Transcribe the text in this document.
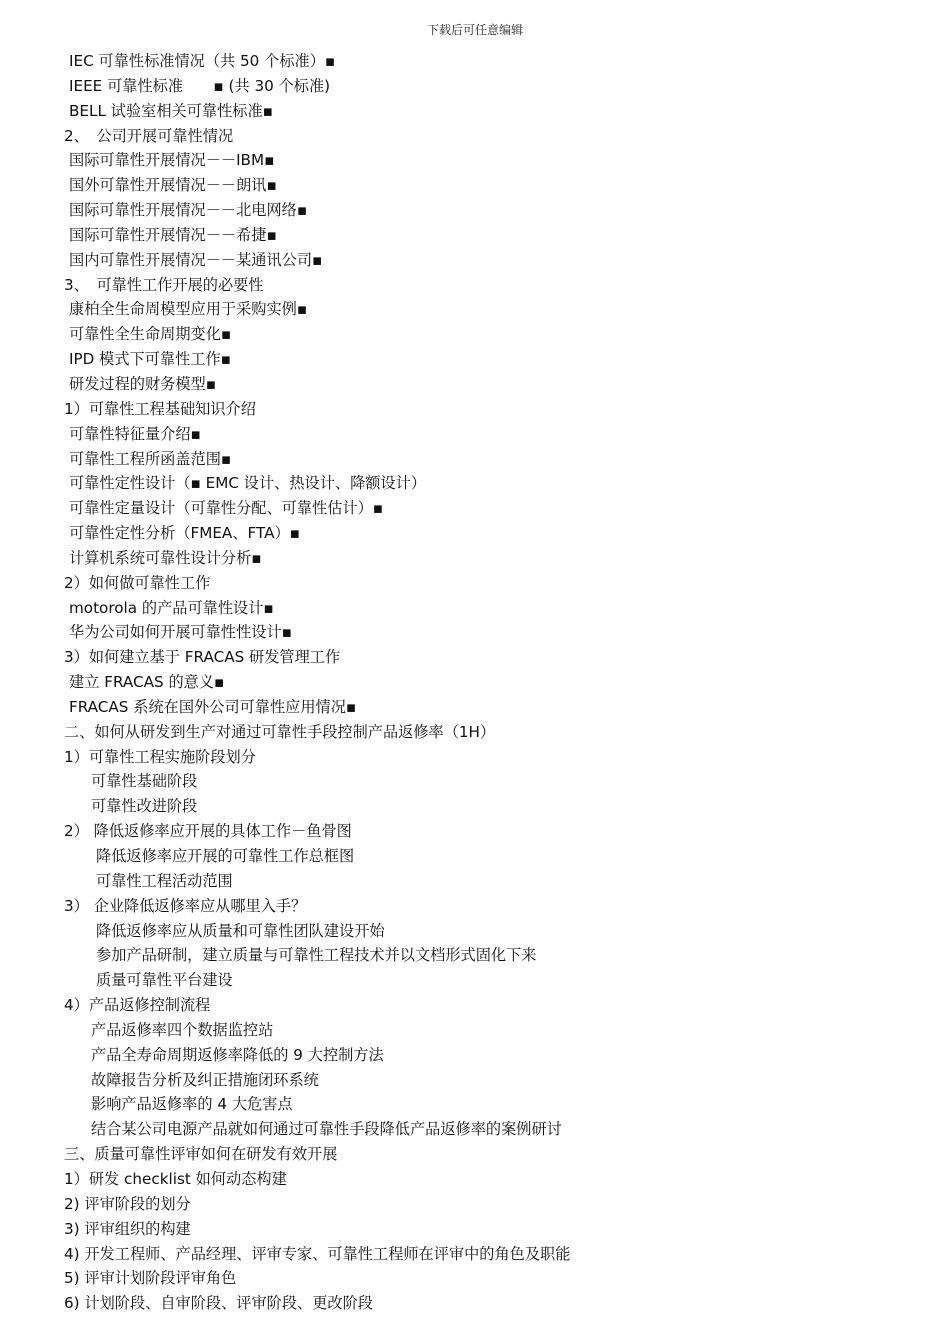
下载后可任意编辑
IEC 可靠性标准情况（共 50 个标准）▪
IEEE 可靠性标准　　▪ (共 30 个标准)
BELL 试验室相关可靠性标准▪
2、　公司开展可靠性情况
国际可靠性开展情况－－IBM▪
国外可靠性开展情况－－朗讯▪
国际可靠性开展情况－－北电网络▪
国际可靠性开展情况－－希捷▪
国内可靠性开展情况－－某通讯公司▪
3、　可靠性工作开展的必要性
康柏全生命周模型应用于采购实例▪
可靠性全生命周期变化▪
IPD 模式下可靠性工作▪
研发过程的财务模型▪
1）可靠性工程基础知识介绍
可靠性特征量介绍▪
可靠性工程所函盖范围▪
可靠性定性设计（▪ EMC 设计、热设计、降额设计）
可靠性定量设计（可靠性分配、可靠性估计）▪
可靠性定性分析（FMEA、FTA）▪
计算机系统可靠性设计分析▪
2）如何做可靠性工作
motorola 的产品可靠性设计▪
华为公司如何开展可靠性性设计▪
3）如何建立基于 FRACAS 研发管理工作
建立 FRACAS 的意义▪
FRACAS 系统在国外公司可靠性应用情况▪
二、如何从研发到生产对通过可靠性手段控制产品返修率（1H）
1）可靠性工程实施阶段划分
可靠性基础阶段
可靠性改进阶段
2） 降低返修率应开展的具体工作－鱼骨图
降低返修率应开展的可靠性工作总框图
可靠性工程活动范围
3） 企业降低返修率应从哪里入手？
降低返修率应从质量和可靠性团队建设开始
参加产品研制，建立质量与可靠性工程技术并以文档形式固化下来
质量可靠性平台建设
4）产品返修控制流程
产品返修率四个数据监控站
产品全寿命周期返修率降低的 9 大控制方法
故障报告分析及纠正措施闭环系统
影响产品返修率的 4 大危害点
结合某公司电源产品就如何通过可靠性手段降低产品返修率的案例研讨
三、质量可靠性评审如何在研发有效开展
1）研发 checklist 如何动态构建
2) 评审阶段的划分
3) 评审组织的构建
4) 开发工程师、产品经理、评审专家、可靠性工程师在评审中的角色及职能
5) 评审计划阶段评审角色
6) 计划阶段、自审阶段、评审阶段、更改阶段
